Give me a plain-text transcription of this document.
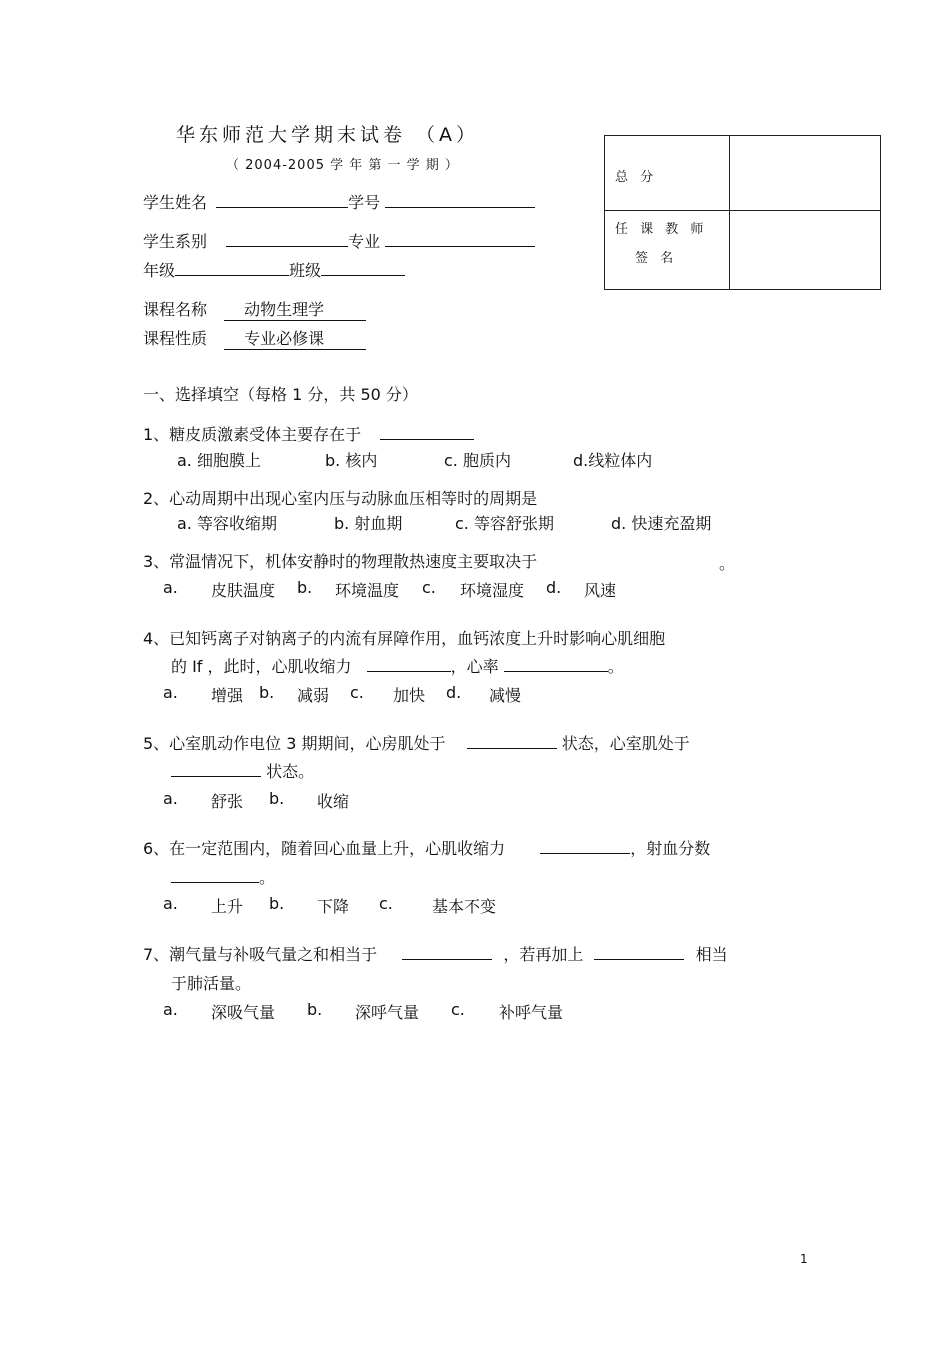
华东师范大学期末试卷 （A）
（ 2004-2005 学 年 第 一 学 期 ）
学生姓名	学号
学生系别	专业
年级	班级
课程名称 动物生理学
课程性质 专业必修课
总 分
任 课 教 师
签 名
一、选择填空（每格 1 分，共 50 分）
1、糖皮质激素受体主要存在于
a. 细胞膜上	b. 核内	c. 胞质内	d.线粒体内
2、心动周期中出现心室内压与动脉血压相等时的周期是
a. 等容收缩期	b. 射血期	c. 等容舒张期	d. 快速充盈期
3、常温情况下，机体安静时的物理散热速度主要取决于	。
a. 皮肤温度 b. 环境温度 c. 环境湿度 d. 风速
4、已知钙离子对钠离子的内流有屏障作用，血钙浓度上升时影响心肌细胞
的 If ，此时，心肌收缩力	，心率	。
a. 增强 b. 减弱 c. 加快 d. 减慢
5、心室肌动作电位 3 期期间，心房肌处于	状态，心室肌处于
状态。
a. 舒张 b. 收缩
6、在一定范围内，随着回心血量上升，心肌收缩力	，射血分数
。
a. 上升 b. 下降 c. 基本不变
7、潮气量与补吸气量之和相当于	，若再加上	相当
于肺活量。
a. 深吸气量 b. 深呼气量 c. 补呼气量
1
